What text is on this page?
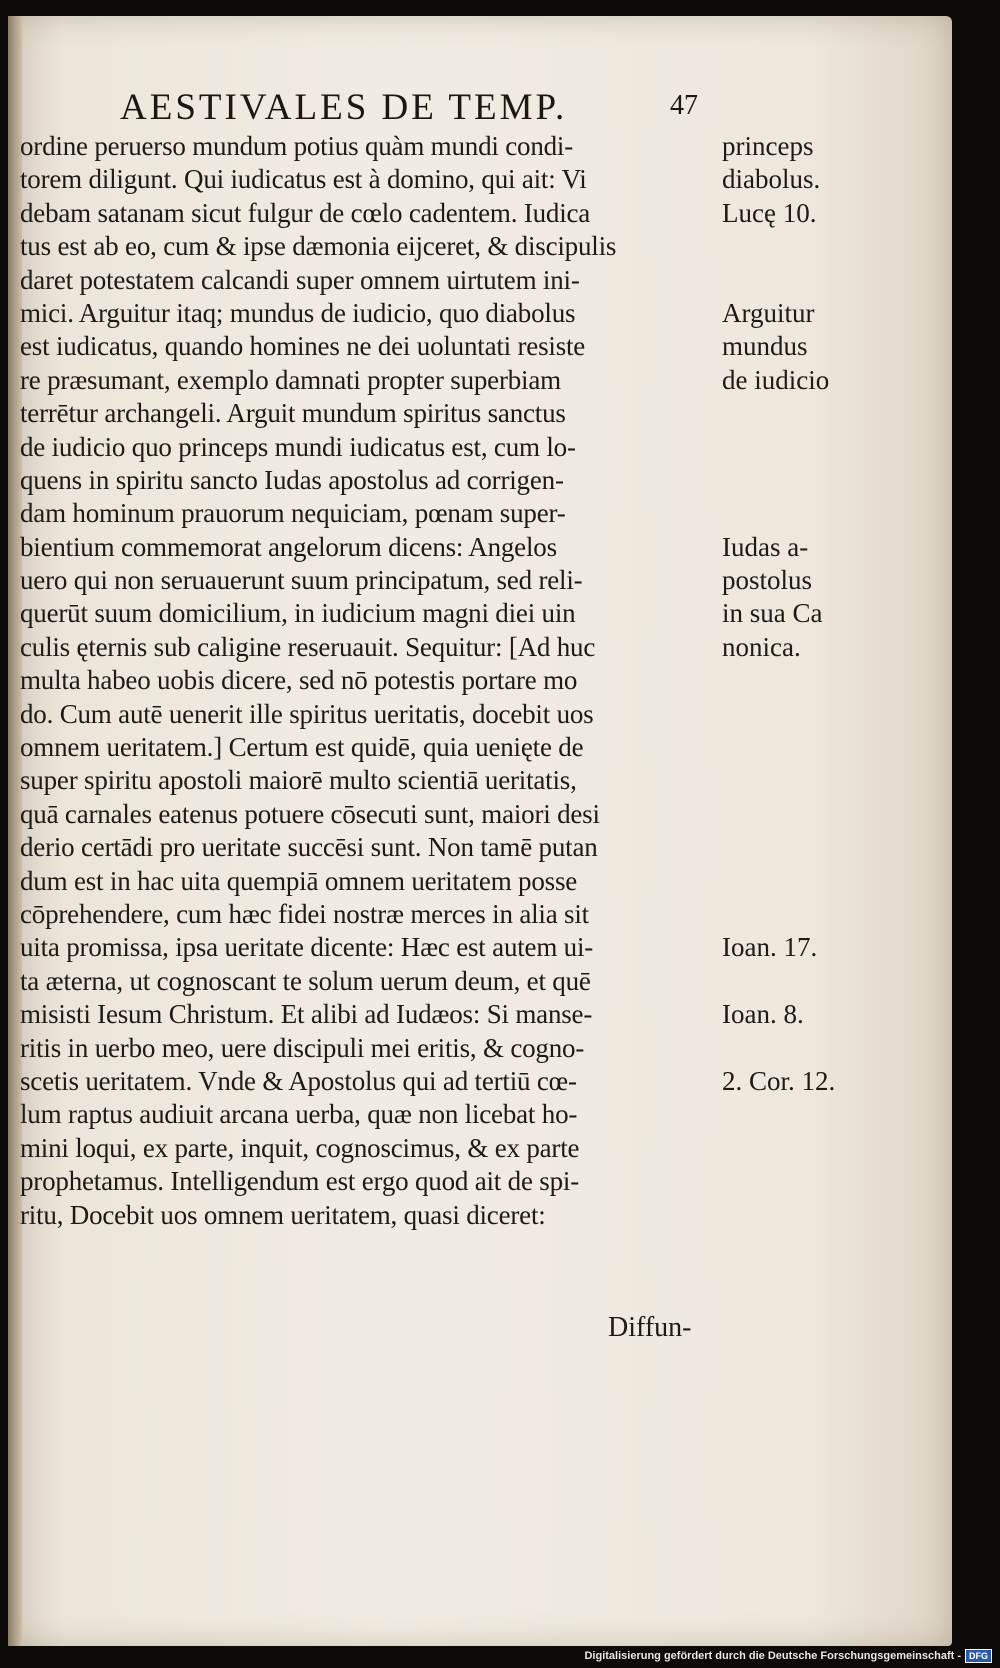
AESTIVALES DE TEMP.	47
ordine peruerso mundum potius quàm mundi condi-
torem diligunt. Qui iudicatus est à domino, qui ait: Vi
debam satanam sicut fulgur de cœlo cadentem. Iudica
tus est ab eo, cum & ipse dæmonia eijceret, & discipulis
daret potestatem calcandi super omnem uirtutem ini-
mici. Arguitur itaq; mundus de iudicio, quo diabolus
est iudicatus, quando homines ne dei uoluntati resiste
re præsumant, exemplo damnati propter superbiam
terrētur archangeli. Arguit mundum spiritus sanctus
de iudicio quo princeps mundi iudicatus est, cum lo-
quens in spiritu sancto Iudas apostolus ad corrigen-
dam hominum prauorum nequiciam, pœnam super-
bientium commemorat angelorum dicens: Angelos
uero qui non seruauerunt suum principatum, sed reli-
querūt suum domicilium, in iudicium magni diei uin
culis ęternis sub caligine reseruauit. Sequitur: [Ad huc
multa habeo uobis dicere, sed nō potestis portare mo
do. Cum autē uenerit ille spiritus ueritatis, docebit uos
omnem ueritatem.] Certum est quidē, quia uenięte de
super spiritu apostoli maiorē multo scientiā ueritatis,
quā carnales eatenus potuere cōsecuti sunt, maiori desi
derio certādi pro ueritate succēsi sunt. Non tamē putan
dum est in hac uita quempiā omnem ueritatem posse
cōprehendere, cum hæc fidei nostræ merces in alia sit
uita promissa, ipsa ueritate dicente: Hæc est autem ui-
ta æterna, ut cognoscant te solum uerum deum, et quē
misisti Iesum Christum. Et alibi ad Iudæos: Si manse-
ritis in uerbo meo, uere discipuli mei eritis, & cogno-
scetis ueritatem. Vnde & Apostolus qui ad tertiū cœ-
lum raptus audiuit arcana uerba, quæ non licebat ho-
mini loqui, ex parte, inquit, cognoscimus, & ex parte
prophetamus. Intelligendum est ergo quod ait de spi-
ritu, Docebit uos omnem ueritatem, quasi diceret:
princeps
diabolus.
Lucę 10.
Arguitur
mundus
de iudicio
Iudas a-
postolus
in sua Ca
nonica.
Ioan. 17.
Ioan. 8.
2. Cor. 12.
Diffun-
Digitalisierung gefördert durch die Deutsche Forschungsgemeinschaft - DFG
